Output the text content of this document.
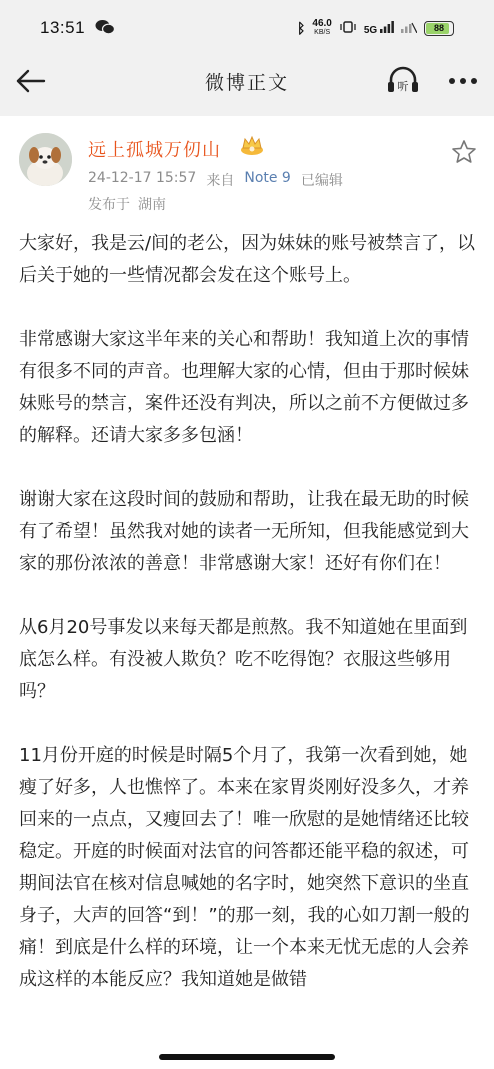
13:51	ᛒ 46.0
KB/S	5G	88
微博正文	听
远上孤城万仞山
24-12-17 15:57 来自 Note 9 已编辑
发布于 湖南

大家好，我是云/间的老公，因为妹妹的账号被禁言了，以后关于她的一些情况都会发在这个账号上。

非常感谢大家这半年来的关心和帮助！我知道上次的事情有很多不同的声音。也理解大家的心情，但由于那时候妹妹账号的禁言，案件还没有判决，所以之前不方便做过多的解释。还请大家多多包涵！

谢谢大家在这段时间的鼓励和帮助，让我在最无助的时候有了希望！虽然我对她的读者一无所知，但我能感觉到大家的那份浓浓的善意！非常感谢大家！还好有你们在！

从6月20号事发以来每天都是煎熬。我不知道她在里面到底怎么样。有没被人欺负？吃不吃得饱？衣服这些够用吗？

11月份开庭的时候是时隔5个月了，我第一次看到她，她瘦了好多，人也憔悴了。本来在家胃炎刚好没多久，才养回来的一点点，又瘦回去了！唯一欣慰的是她情绪还比较稳定。开庭的时候面对法官的问答都还能平稳的叙述，可期间法官在核对信息喊她的名字时，她突然下意识的坐直身子，大声的回答“到！”的那一刻，我的心如刀割一般的痛！到底是什么样的环境，让一个本来无忧无虑的人会养成这样的本能反应？我知道她是做错
